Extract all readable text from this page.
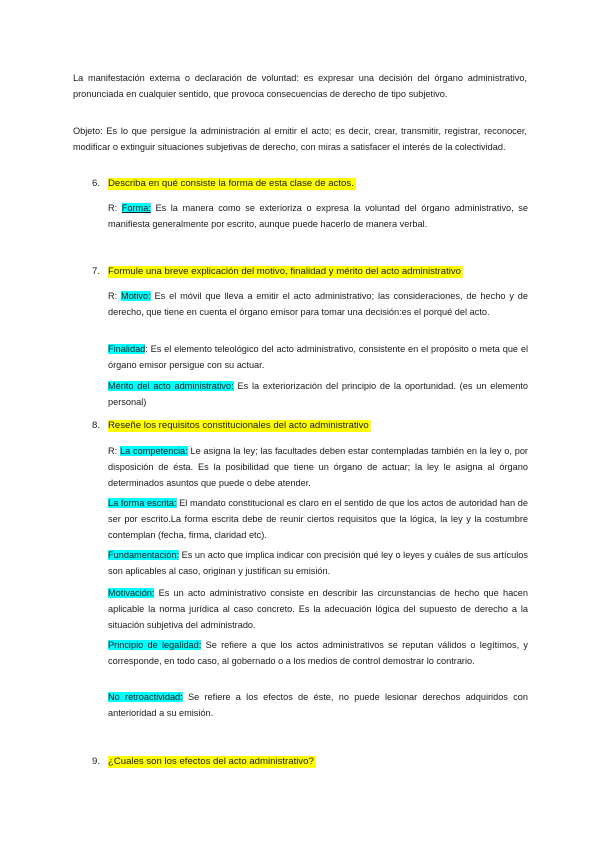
La manifestación externa o declaración de voluntad: es expresar una decisión del órgano administrativo, pronunciada en cualquier sentido, que provoca consecuencias de derecho de tipo subjetivo.

Objeto: Es lo que persigue la administración al emitir el acto; es decir, crear, transmitir, registrar, reconocer, modificar o extinguir situaciones subjetivas de derecho, con miras a satisfacer el interés de la colectividad.

6. Describa en qué consiste la forma de esta clase de actos.

R: Forma: Es la manera como se exterioriza o expresa la voluntad del órgano administrativo, se manifiesta generalmente por escrito, aunque puede hacerlo de manera verbal.

7. Formule una breve explicación del motivo, finalidad y mérito del acto administrativo

R: Motivo: Es el móvil que lleva a emitir el acto administrativo; las consideraciones, de hecho y de derecho, que tiene en cuenta el órgano emisor para tomar una decisión:es el porqué del acto.

Finalidad: Es el elemento teleológico del acto administrativo, consistente en el propósito o meta que el órgano emisor persigue con su actuar.

Mérito del acto administrativo: Es la exteriorización del principio de la oportunidad. (es un elemento personal)

8. Reseñe los requisitos constitucionales del acto administrativo

R: La competencia: Le asigna la ley; las facultades deben estar contempladas también en la ley o, por disposición de ésta. Es la posibilidad que tiene un órgano de actuar; la ley le asigna al órgano determinados asuntos que puede o debe atender.

La forma escrita: El mandato constitucional es claro en el sentido de que los actos de autoridad han de ser por escrito.La forma escrita debe de reunir ciertos requisitos que la lógica, la ley y la costumbre contemplan (fecha, firma, claridad etc).

Fundamentación: Es un acto que implica indicar con precisión qué ley o leyes y cuáles de sus artículos son aplicables al caso, originan y justifican su emisión.

Motivación: Es un acto administrativo consiste en describir las circunstancias de hecho que hacen aplicable la norma jurídica al caso concreto. Es la adecuación lógica del supuesto de derecho a la situación subjetiva del administrado.

Principio de legalidad: Se refiere a que los actos administrativos se reputan válidos o legítimos, y corresponde, en todo caso, al gobernado o a los medios de control demostrar lo contrario.

No retroactividad: Se refiere a los efectos de éste, no puede lesionar derechos adquiridos con anterioridad a su emisión.

9. ¿Cuales son los efectos del acto administrativo?
